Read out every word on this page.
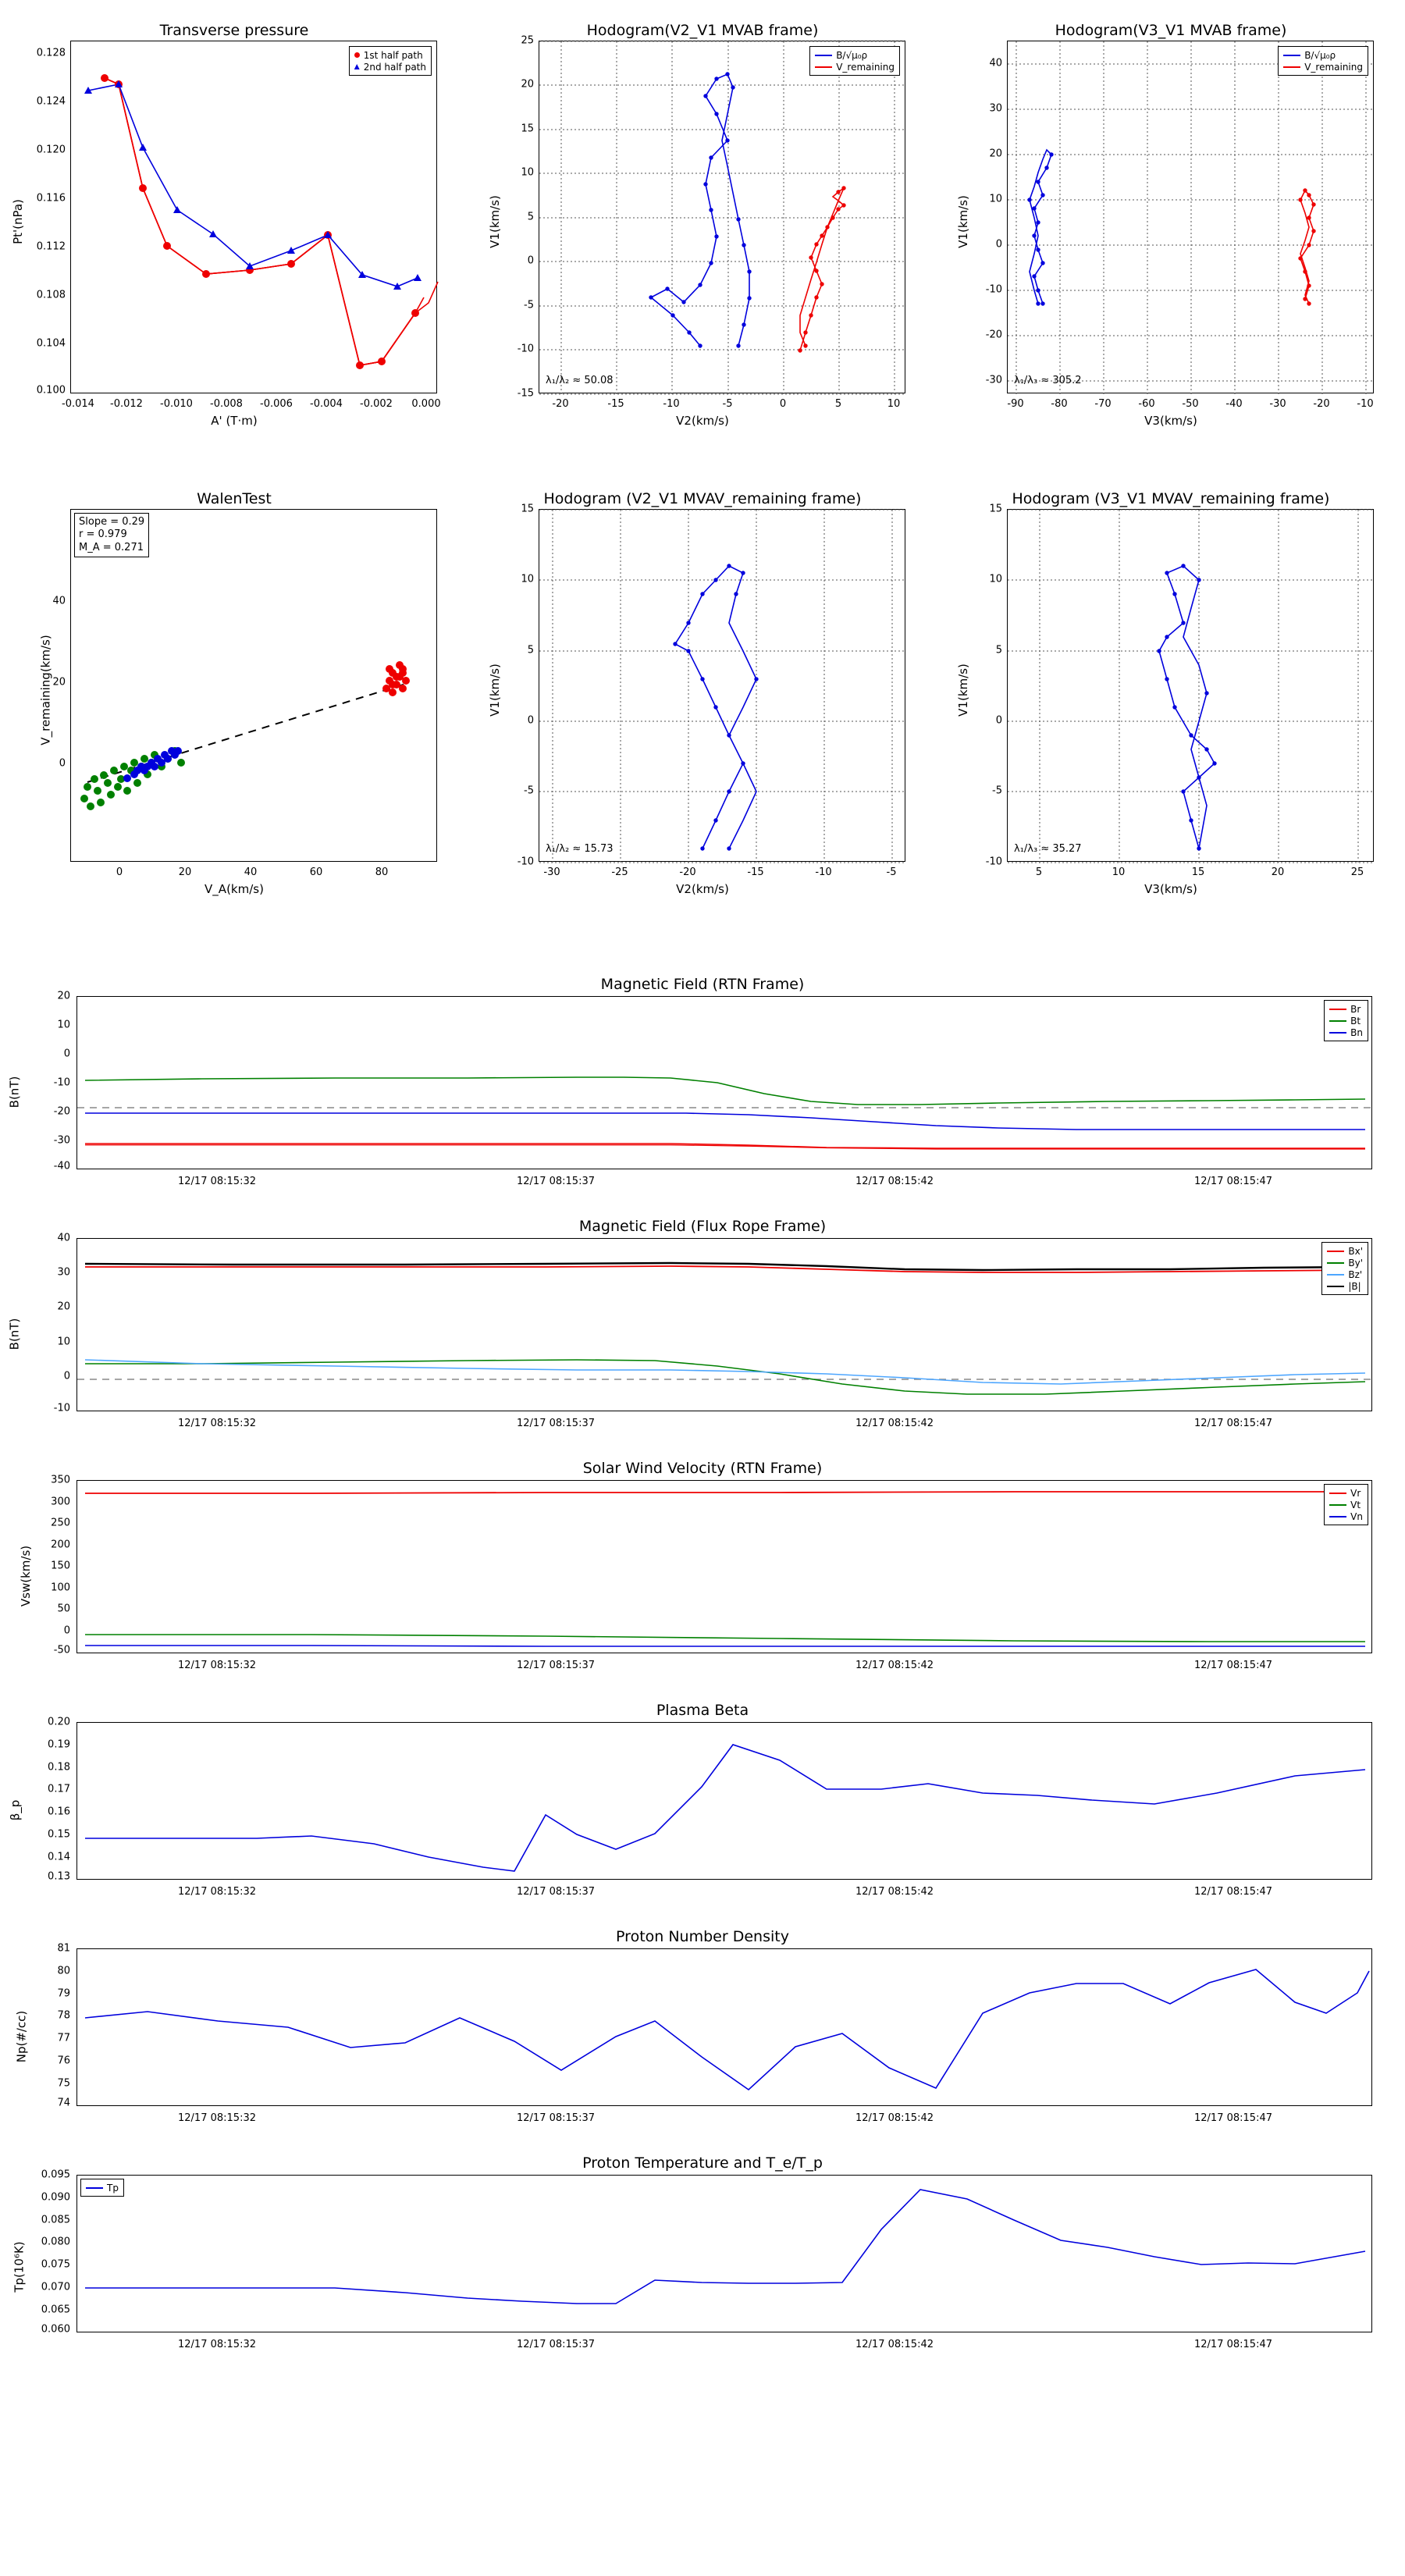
Transverse pressure
Pt'(nPa)
A' (T·m)
1st half path
2nd half path
0.128
0.124
0.120
0.116
0.112
0.108
0.104
0.100
-0.014 -0.012 -0.010 -0.008 -0.006 -0.004 -0.002 0.000
Hodogram(V2_V1 MVAB frame)
V1(km/s)
V2(km/s)
B/√μ₀ρ
V_remaining
λ₁/λ₂ ≈ 50.08
25
20
15
10
5
0
-5
-10
-15
-20	-15	-10	-5	0	5	10
Hodogram(V3_V1 MVAB frame)
V1(km/s)
V3(km/s)
B/√μ₀ρ
V_remaining
λ₁/λ₃ ≈ 305.2
40
30
20
10
0
-10
-20
-30
-90	-80	-70	-60	-50	-40	-30	-20	-10
WalenTest
V_remaining(km/s)
V_A(km/s)
Slope = 0.29
r = 0.979
M_A = 0.271
40
20
0
0	20	40	60	80
Hodogram (V2_V1 MVAV_remaining frame)
V1(km/s)
V2(km/s)
λ₁/λ₂ ≈ 15.73
15
10
5
0
-5
-10
-30	-25	-20	-15	-10	-5
Hodogram (V3_V1 MVAV_remaining frame)
V1(km/s)
V3(km/s)
λ₁/λ₃ ≈ 35.27
15
10
5
0
-5
-10
5	10	15	20	25
Magnetic Field (RTN Frame)
B(nT)
Br
Bt
Bn
20
10
0
-10
-20
-30
-40
12/17 08:15:32	12/17 08:15:37	12/17 08:15:42	12/17 08:15:47
Magnetic Field (Flux Rope Frame)
B(nT)
Bx'
By'
Bz'
|B|
40
30
20
10
0
-10
12/17 08:15:32	12/17 08:15:37	12/17 08:15:42	12/17 08:15:47
Solar Wind Velocity (RTN Frame)
Vsw(km/s)
Vr
Vt
Vn
350
300
250
200
150
100
50
0
-50
12/17 08:15:32	12/17 08:15:37	12/17 08:15:42	12/17 08:15:47
Plasma Beta
β_p
0.20
0.19
0.18
0.17
0.16
0.15
0.14
0.13
12/17 08:15:32	12/17 08:15:37	12/17 08:15:42	12/17 08:15:47
Proton Number Density
Np(#/cc)
81
80
79
78
77
76
75
74
12/17 08:15:32	12/17 08:15:37	12/17 08:15:42	12/17 08:15:47
Proton Temperature and T_e/T_p
Tp(10⁶K)
Tp
0.095
0.090
0.085
0.080
0.075
0.070
0.065
0.060
12/17 08:15:32	12/17 08:15:37	12/17 08:15:42	12/17 08:15:47
